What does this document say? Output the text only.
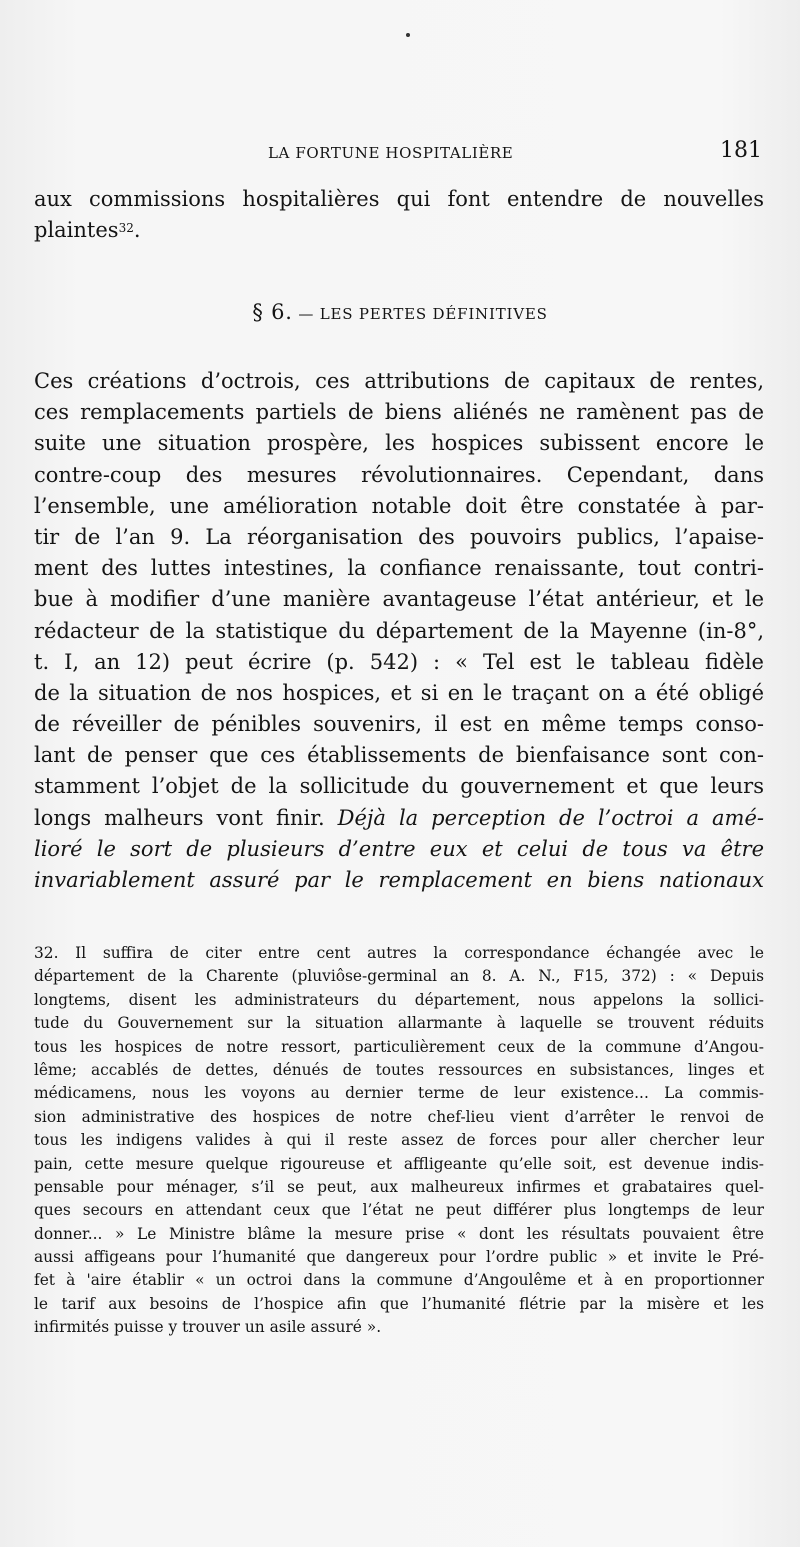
LA FORTUNE HOSPITALIÈRE	181
aux commissions hospitalières qui font entendre de nouvelles
plaintes$^{32}$.
§ 6. — LES PERTES DÉFINITIVES
Ces créations d’octrois, ces attributions de capitaux de rentes,
ces remplacements partiels de biens aliénés ne ramènent pas de
suite une situation prospère, les hospices subissent encore le
contre-coup des mesures révolutionnaires. Cependant, dans
l’ensemble, une amélioration notable doit être constatée à par-
tir de l’an 9. La réorganisation des pouvoirs publics, l’apaise-
ment des luttes intestines, la confiance renaissante, tout contri-
bue à modifier d’une manière avantageuse l’état antérieur, et le
rédacteur de la statistique du département de la Mayenne (in-8°,
t. I, an 12) peut écrire (p. 542) : « Tel est le tableau fidèle
de la situation de nos hospices, et si en le traçant on a été obligé
de réveiller de pénibles souvenirs, il est en même temps conso-
lant de penser que ces établissements de bienfaisance sont con-
stamment l’objet de la sollicitude du gouvernement et que leurs
longs malheurs vont finir. Déjà la perception de l’octroi a amé-
lioré le sort de plusieurs d’entre eux et celui de tous va être
invariablement assuré par le remplacement en biens nationaux
32. Il suffira de citer entre cent autres la correspondance échangée avec le
département de la Charente (pluviôse-germinal an 8. A. N., F15, 372) : « Depuis
longtems, disent les administrateurs du département, nous appelons la sollici-
tude du Gouvernement sur la situation allarmante à laquelle se trouvent réduits
tous les hospices de notre ressort, particulièrement ceux de la commune d’Angou-
lême; accablés de dettes, dénués de toutes ressources en subsistances, linges et
médicamens, nous les voyons au dernier terme de leur existence... La commis-
sion administrative des hospices de notre chef-lieu vient d’arrêter le renvoi de
tous les indigens valides à qui il reste assez de forces pour aller chercher leur
pain, cette mesure quelque rigoureuse et affligeante qu’elle soit, est devenue indis-
pensable pour ménager, s’il se peut, aux malheureux infirmes et grabataires quel-
ques secours en attendant ceux que l’état ne peut différer plus longtemps de leur
donner... » Le Ministre blâme la mesure prise « dont les résultats pouvaient être
aussi affigeans pour l’humanité que dangereux pour l’ordre public » et invite le Pré-
fet à 'aire établir « un octroi dans la commune d’Angoulême et à en proportionner
le tarif aux besoins de l’hospice afin que l’humanité flétrie par la misère et les
infirmités puisse y trouver un asile assuré ».
